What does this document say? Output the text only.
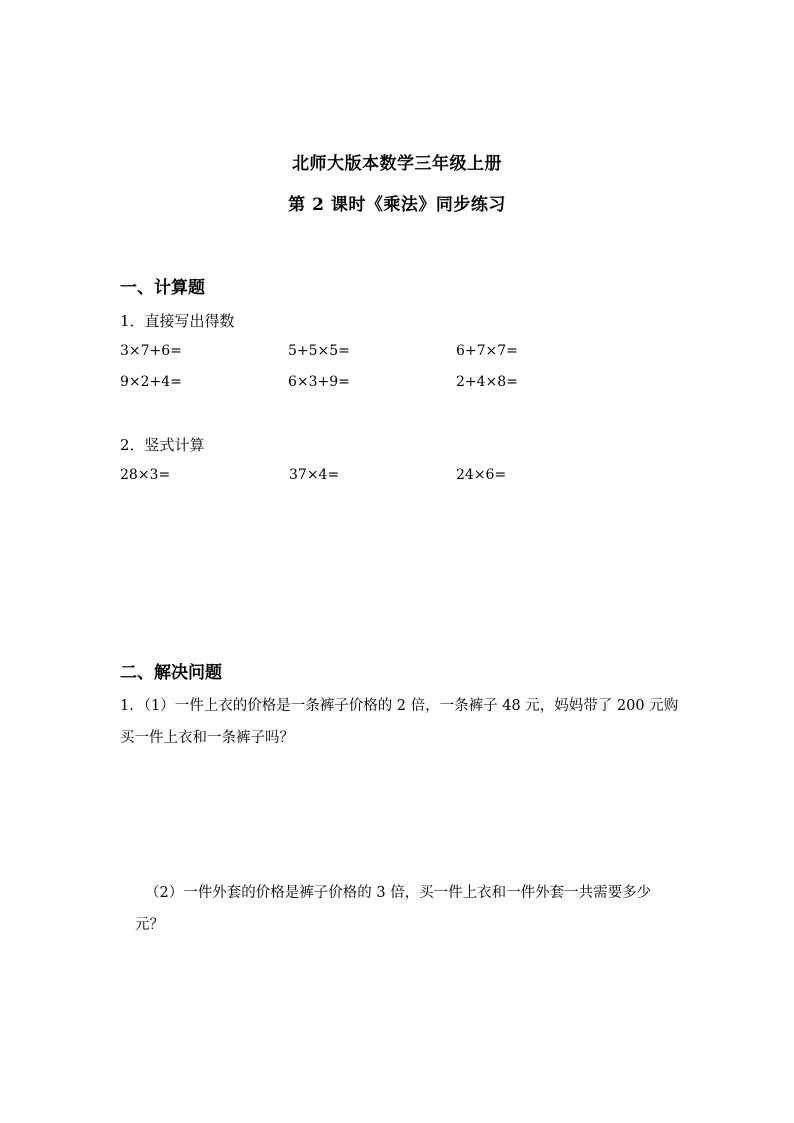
北师大版本数学三年级上册
第 2 课时《乘法》同步练习
一、计算题
1．直接写出得数
3×7+6=	5+5×5=	6+7×7=
9×2+4=	6×3+9=	2+4×8=
2．竖式计算
28×3=	37×4=	24×6=
二、解决问题
1．（1）一件上衣的价格是一条裤子价格的 2 倍，一条裤子 48 元，妈妈带了 200 元购买一件上衣和一条裤子吗？
（2）一件外套的价格是裤子价格的 3 倍，买一件上衣和一件外套一共需要多少元？
